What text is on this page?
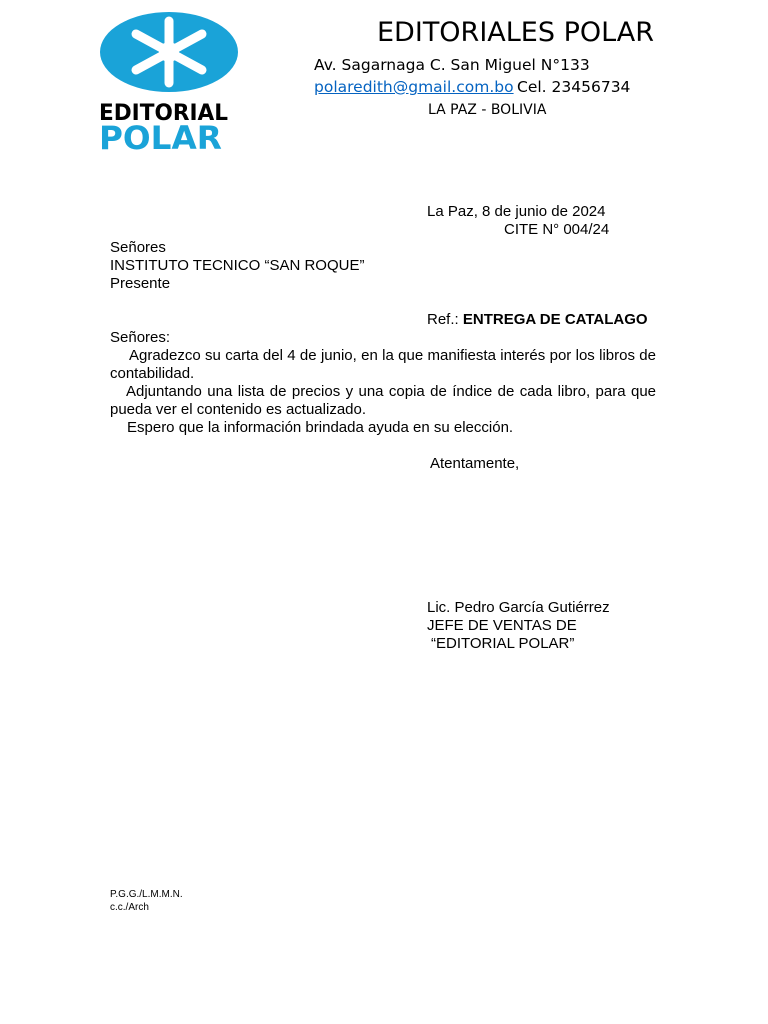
EDITORIAL
POLAR
EDITORIALES POLAR
Av. Sagarnaga C. San Miguel N°133
polaredith@gmail.com.bo Cel. 23456734
LA PAZ - BOLIVIA
La Paz, 8 de junio de 2024
CITE N° 004/24
Señores
INSTITUTO TECNICO “SAN ROQUE”
Presente
Ref.: ENTREGA DE CATALAGO
Señores:
Agradezco su carta del 4 de junio, en la que manifiesta interés por los libros de contabilidad.
Adjuntando una lista de precios y una copia de índice de cada libro, para que pueda ver el contenido es actualizado.
Espero que la información brindada ayuda en su elección.
Atentamente,
Lic. Pedro García Gutiérrez
JEFE DE VENTAS DE
“EDITORIAL POLAR”
P.G.G./L.M.M.N.
c.c./Arch
